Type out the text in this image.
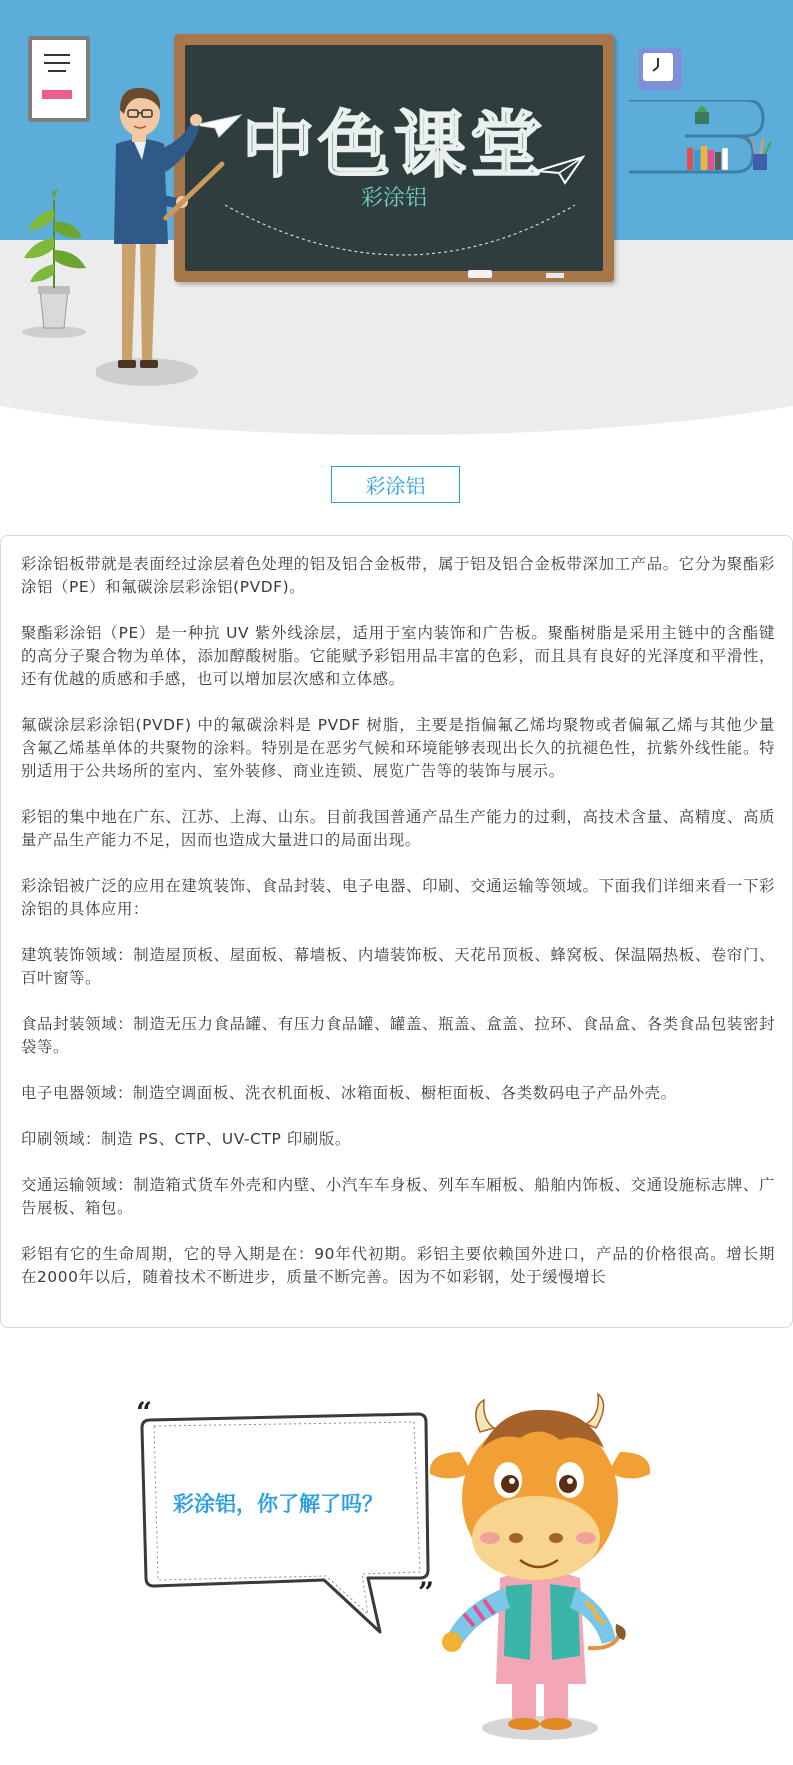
中色课堂
彩涂铝
彩涂铝

彩涂铝板带就是表面经过涂层着色处理的铝及铝合金板带，属于铝及铝合金板带深加工产品。它分为聚酯彩涂铝（PE）和氟碳涂层彩涂铝(PVDF)。

聚酯彩涂铝（PE）是一种抗 UV 紫外线涂层，适用于室内装饰和广告板。聚酯树脂是采用主链中的含酯键的高分子聚合物为单体，添加醇酸树脂。它能赋予彩铝用品丰富的色彩，而且具有良好的光泽度和平滑性，还有优越的质感和手感，也可以增加层次感和立体感。

氟碳涂层彩涂铝(PVDF) 中的氟碳涂料是 PVDF 树脂，主要是指偏氟乙烯均聚物或者偏氟乙烯与其他少量含氟乙烯基单体的共聚物的涂料。特别是在恶劣气候和环境能够表现出长久的抗褪色性，抗紫外线性能。特别适用于公共场所的室内、室外装修、商业连锁、展览广告等的装饰与展示。

彩铝的集中地在广东、江苏、上海、山东。目前我国普通产品生产能力的过剩，高技术含量、高精度、高质量产品生产能力不足，因而也造成大量进口的局面出现。

彩涂铝被广泛的应用在建筑装饰、食品封装、电子电器、印刷、交通运输等领域。下面我们详细来看一下彩涂铝的具体应用：

建筑装饰领域：制造屋顶板、屋面板、幕墙板、内墙装饰板、天花吊顶板、蜂窝板、保温隔热板、卷帘门、百叶窗等。

食品封装领域：制造无压力食品罐、有压力食品罐、罐盖、瓶盖、盒盖、拉环、食品盒、各类食品包装密封袋等。

电子电器领域：制造空调面板、洗衣机面板、冰箱面板、橱柜面板、各类数码电子产品外壳。

印刷领域：制造 PS、CTP、UV-CTP 印刷版。

交通运输领域：制造箱式货车外壳和内壁、小汽车车身板、列车车厢板、船舶内饰板、交通设施标志牌、广告展板、箱包。

彩铝有它的生命周期，它的导入期是在：90年代初期。彩铝主要依赖国外进口，产品的价格很高。增长期在2000年以后，随着技术不断进步，质量不断完善。因为不如彩钢，处于缓慢增长

“
”
彩涂铝，你了解了吗？
